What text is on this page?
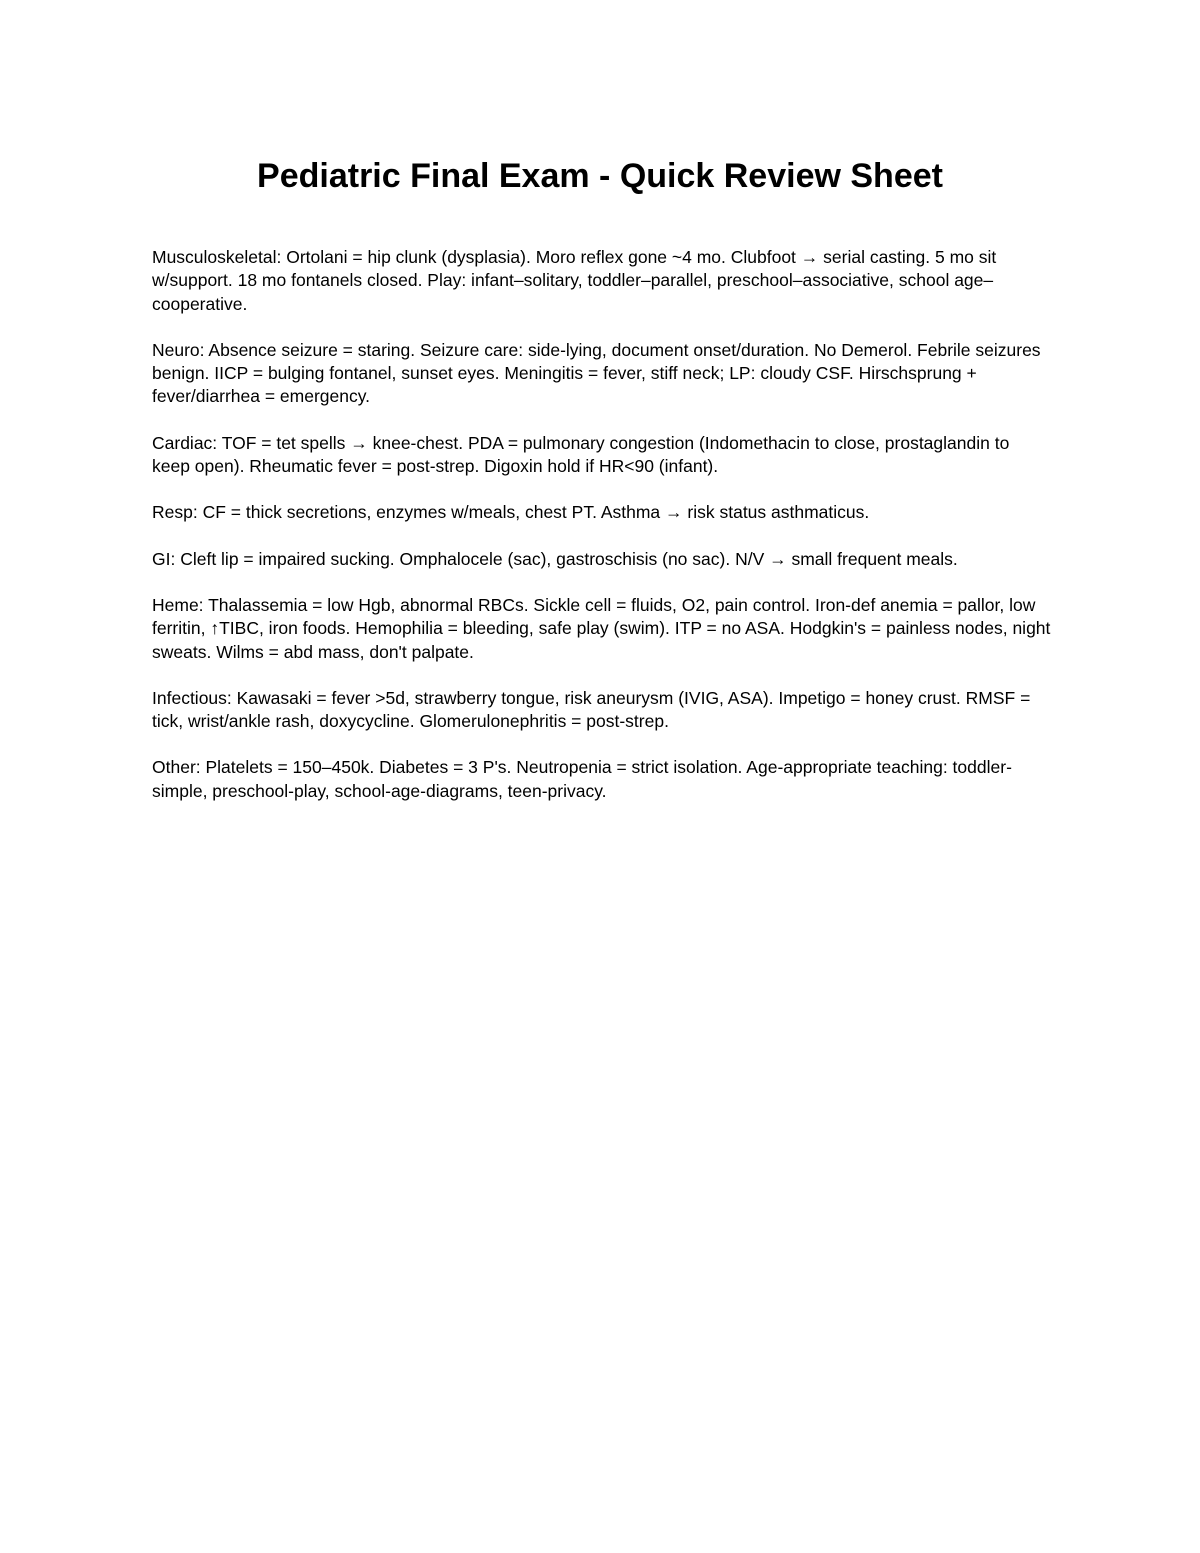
Pediatric Final Exam - Quick Review Sheet

Musculoskeletal: Ortolani = hip clunk (dysplasia). Moro reflex gone ~4 mo. Clubfoot → serial casting. 5 mo sit w/support. 18 mo fontanels closed. Play: infant–solitary, toddler–parallel, preschool–associative, school age–cooperative.

Neuro: Absence seizure = staring. Seizure care: side-lying, document onset/duration. No Demerol. Febrile seizures benign. IICP = bulging fontanel, sunset eyes. Meningitis = fever, stiff neck; LP: cloudy CSF. Hirschsprung + fever/diarrhea = emergency.

Cardiac: TOF = tet spells → knee-chest. PDA = pulmonary congestion (Indomethacin to close, prostaglandin to keep open). Rheumatic fever = post-strep. Digoxin hold if HR<90 (infant).

Resp: CF = thick secretions, enzymes w/meals, chest PT. Asthma → risk status asthmaticus.

GI: Cleft lip = impaired sucking. Omphalocele (sac), gastroschisis (no sac). N/V → small frequent meals.

Heme: Thalassemia = low Hgb, abnormal RBCs. Sickle cell = fluids, O2, pain control. Iron-def anemia = pallor, low ferritin, ↑TIBC, iron foods. Hemophilia = bleeding, safe play (swim). ITP = no ASA. Hodgkin's = painless nodes, night sweats. Wilms = abd mass, don't palpate.

Infectious: Kawasaki = fever >5d, strawberry tongue, risk aneurysm (IVIG, ASA). Impetigo = honey crust. RMSF = tick, wrist/ankle rash, doxycycline. Glomerulonephritis = post-strep.

Other: Platelets = 150–450k. Diabetes = 3 P's. Neutropenia = strict isolation. Age-appropriate teaching: toddler-simple, preschool-play, school-age-diagrams, teen-privacy.
